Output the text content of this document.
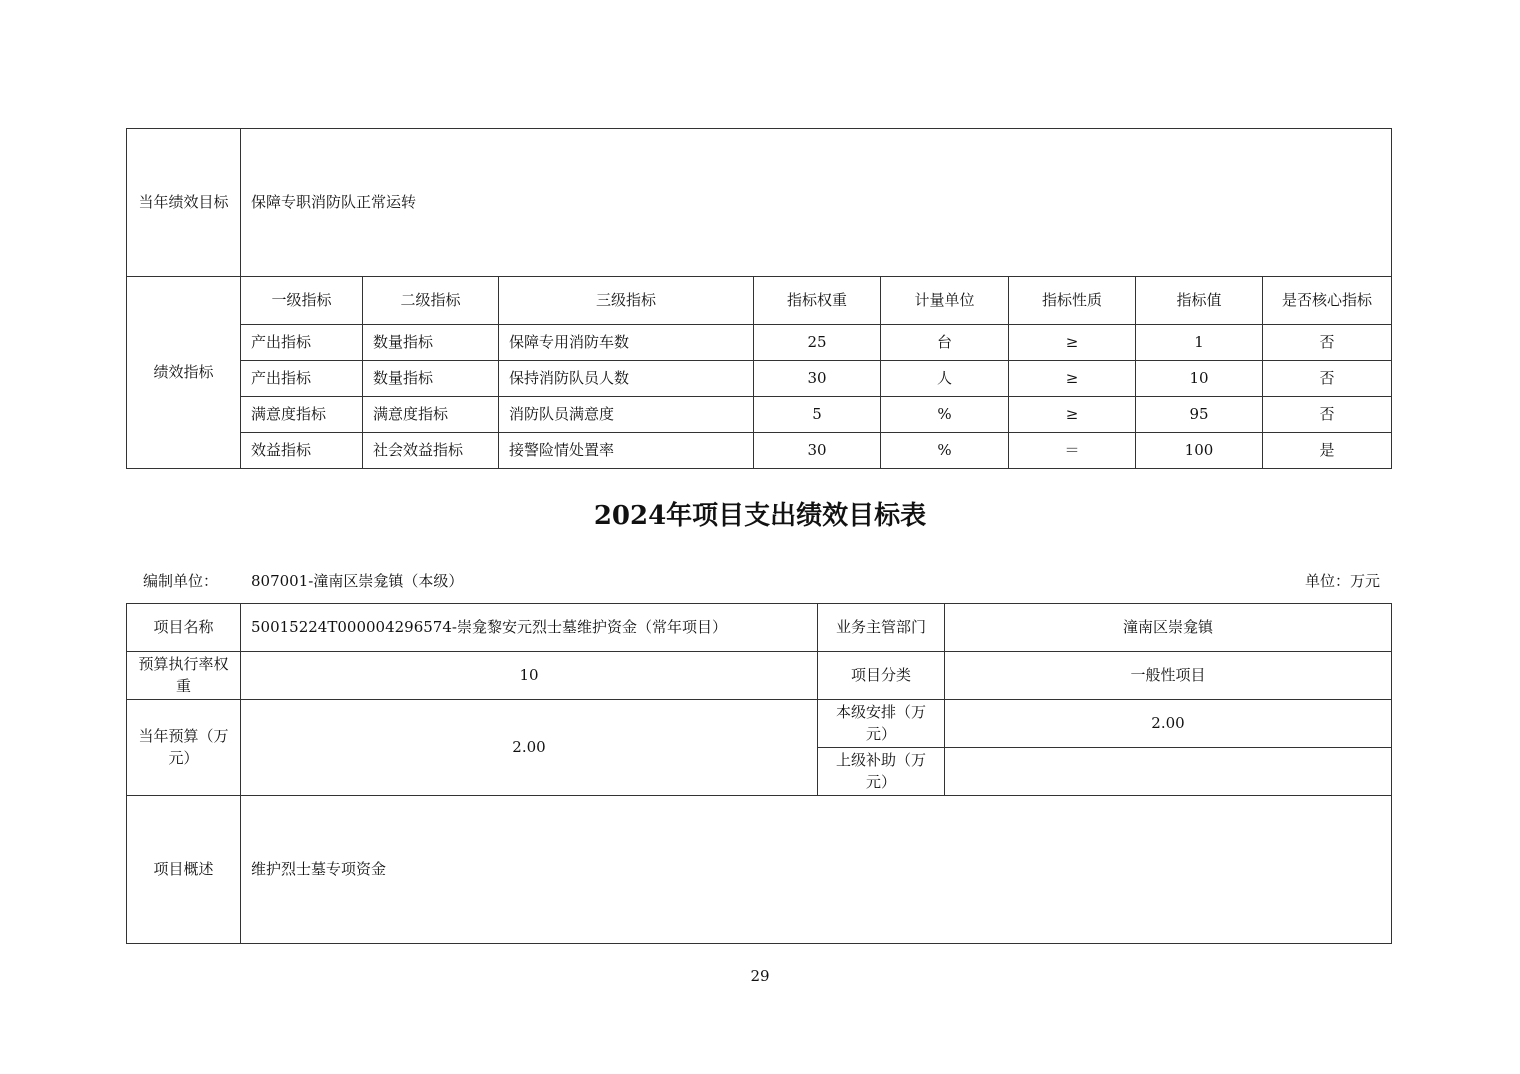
当年绩效目标	保障专职消防队正常运转							
绩效指标	一级指标	二级指标	三级指标	指标权重	计量单位	指标性质	指标值	是否核心指标
	产出指标	数量指标	保障专用消防车数	25	台	≥	1	否
	产出指标	数量指标	保持消防队员人数	30	人	≥	10	否
	满意度指标	满意度指标	消防队员满意度	5	%	≥	95	否
	效益指标	社会效益指标	接警险情处置率	30	%	＝	100	是
2024年项目支出绩效目标表
编制单位： 807001-潼南区崇龛镇（本级）	单位：万元
项目名称	50015224T000004296574-崇龛黎安元烈士墓维护资金（常年项目）	业务主管部门	潼南区崇龛镇
预算执行率权重	10	项目分类	一般性项目
当年预算（万元）	2.00	本级安排（万元）	2.00
		上级补助（万元）	
项目概述	维护烈士墓专项资金		
29
